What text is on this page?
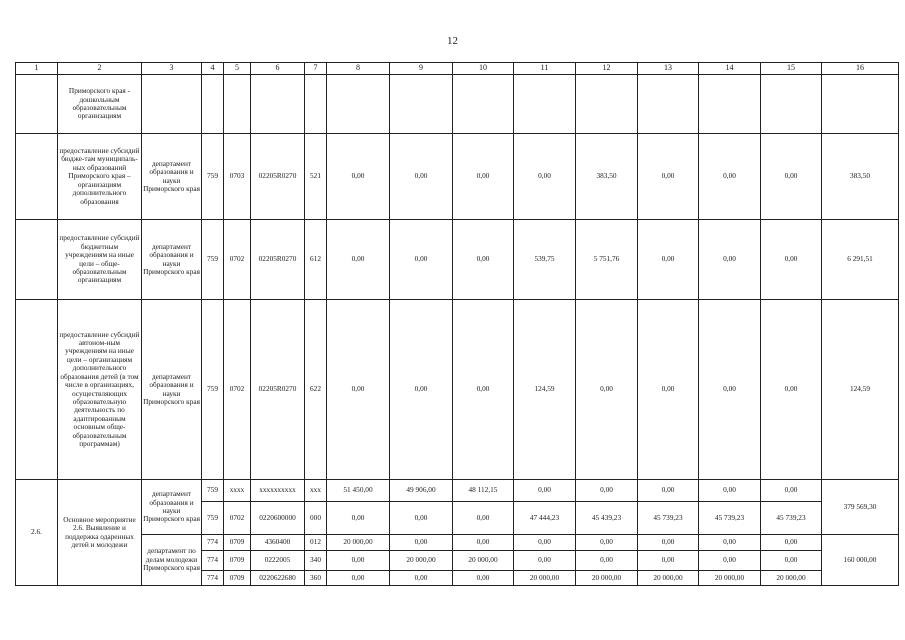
12
1	2	3	4	5	6	7	8	9	10	11	12	13	14	15	16
	Приморского края - дошкольным образовательным организациям														
	предоставление субсидий бюдже-там муниципаль-ных образований Приморского края – организациям дополнительного образования	департамент образования и науки Приморского края	759	0703	02205R0270	521	0,00	0,00	0,00	0,00	383,50	0,00	0,00	0,00	383,50
	предоставление субсидий бюджетным учреждениям на иные цели – обще-образовательным организациям	департамент образования и науки Приморского края	759	0702	02205R0270	612	0,00	0,00	0,00	539,75	5 751,76	0,00	0,00	0,00	6 291,51
	предоставление субсидий автоном-ным учреждениям на иные цели – организациям дополнительного образования детей (в том числе в организациях, осуществляющих образовательную деятельность по адаптированным основным обще-образовательным программам)	департамент образования и науки Приморского края	759	0702	02205R0270	622	0,00	0,00	0,00	124,59	0,00	0,00	0,00	0,00	124,59
2.6.	Основное мероприятие 2.6. Выявление и поддержка одаренных детей и молодежи	департамент образования и науки Приморского края	759	xxxx	xxxxxxxxxx	xxx	51 450,00	49 906,00	48 112,15	0,00	0,00	0,00	0,00	0,00	379 569,30
			759	0702	0220600000	000	0,00	0,00	0,00	47 444,23	45 439,23	45 739,23	45 739,23	45 739,23	
		департамент по делам молодежи Приморского края	774	0709	4360400	012	20 000,00	0,00	0,00	0,00	0,00	0,00	0,00	0,00	160 000,00
			774	0709	0222005	340	0,00	20 000,00	20 000,00	0,00	0,00	0,00	0,00	0,00	
			774	0709	0220622680	360	0,00	0,00	0,00	20 000,00	20 000,00	20 000,00	20 000,00	20 000,00	
